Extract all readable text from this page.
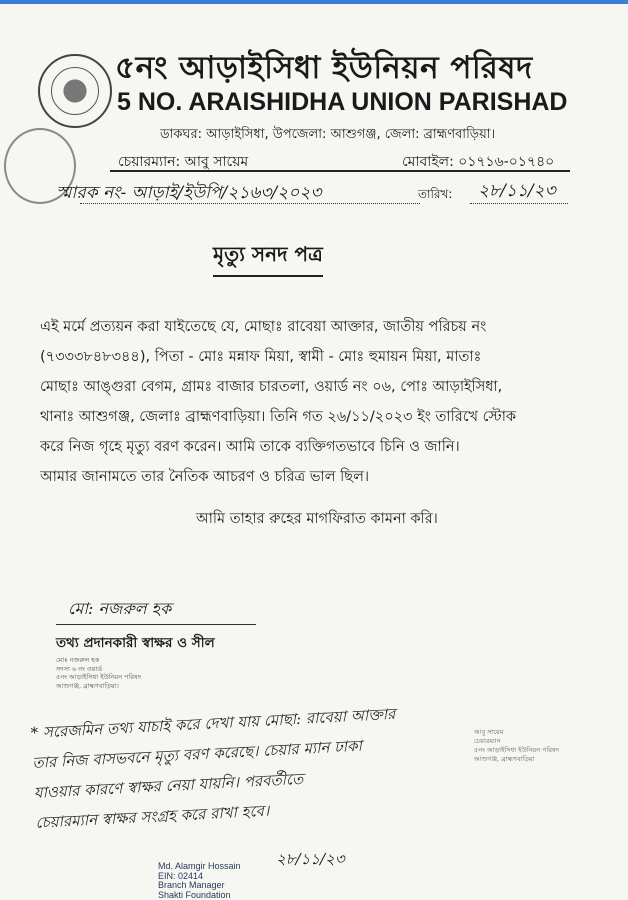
৫নং আড়াইসিধা ইউনিয়ন পরিষদ
5 NO. ARAISHIDHA UNION PARISHAD
ডাকঘর: আড়াইসিধা, উপজেলা: আশুগঞ্জ, জেলা: ব্রাহ্মণবাড়িয়া।
চেয়ারম্যান: আবু সায়েম	মোবাইল: ০১৭১৬-০১৭৪০
স্মারক নং- আড়াই/ইউপি/২১৬৩/২০২৩	তারিখ: ২৮/১১/২৩
মৃত্যু সনদ পত্র

এই মর্মে প্রত্যয়ন করা যাইতেছে যে, মোছাঃ রাবেয়া আক্তার, জাতীয় পরিচয় নং

(৭৩৩৩৮৪৮৩৪৪), পিতা - মোঃ মন্নাফ মিয়া, স্বামী - মোঃ হুমায়ন মিয়া, মাতাঃ

মোছাঃ আঙ্গুরা বেগম, গ্রামঃ বাজার চারতলা, ওয়ার্ড নং ০৬, পোঃ আড়াইসিধা,

থানাঃ আশুগঞ্জ, জেলাঃ ব্রাহ্মণবাড়িয়া। তিনি গত ২৬/১১/২০২৩ ইং তারিখে স্টোক

করে নিজ গৃহে মৃত্যু বরণ করেন। আমি তাকে ব্যক্তিগতভাবে চিনি ও জানি।

আমার জানামতে তার নৈতিক আচরণ ও চরিত্র ভাল ছিল।

আমি তাহার রুহের মাগফিরাত কামনা করি।
মো: নজরুল হক
তথ্য প্রদানকারী স্বাক্ষর ও সীল
মোঃ নজরুল হক
সদস্য ৬ নং ওয়ার্ড
৫নং আড়াইসিধা ইউনিয়ন পরিষদ
আশুগঞ্জ, ব্রাহ্মণবাড়িয়া।
* সরেজমিন তথ্য যাচাই করে দেখা যায় মোছা: রাবেয়া আক্তার
তার নিজ বাসভবনে মৃত্যু বরণ করেছে। চেয়ার ম্যান ঢাকা
যাওয়ার কারণে স্বাক্ষর নেয়া যায়নি। পরবর্তীতে
চেয়ারম্যান স্বাক্ষর সংগ্রহ করে রাখা হবে।
আবু সায়েম
চেয়ারম্যান
৫নং আড়াইসিধা ইউনিয়ন পরিষদ
আশুগঞ্জ, ব্রাহ্মণবাড়িয়া
২৮/১১/২৩
Md. Alamgir Hossain
EIN: 02414
Branch Manager
Shakti Foundation
